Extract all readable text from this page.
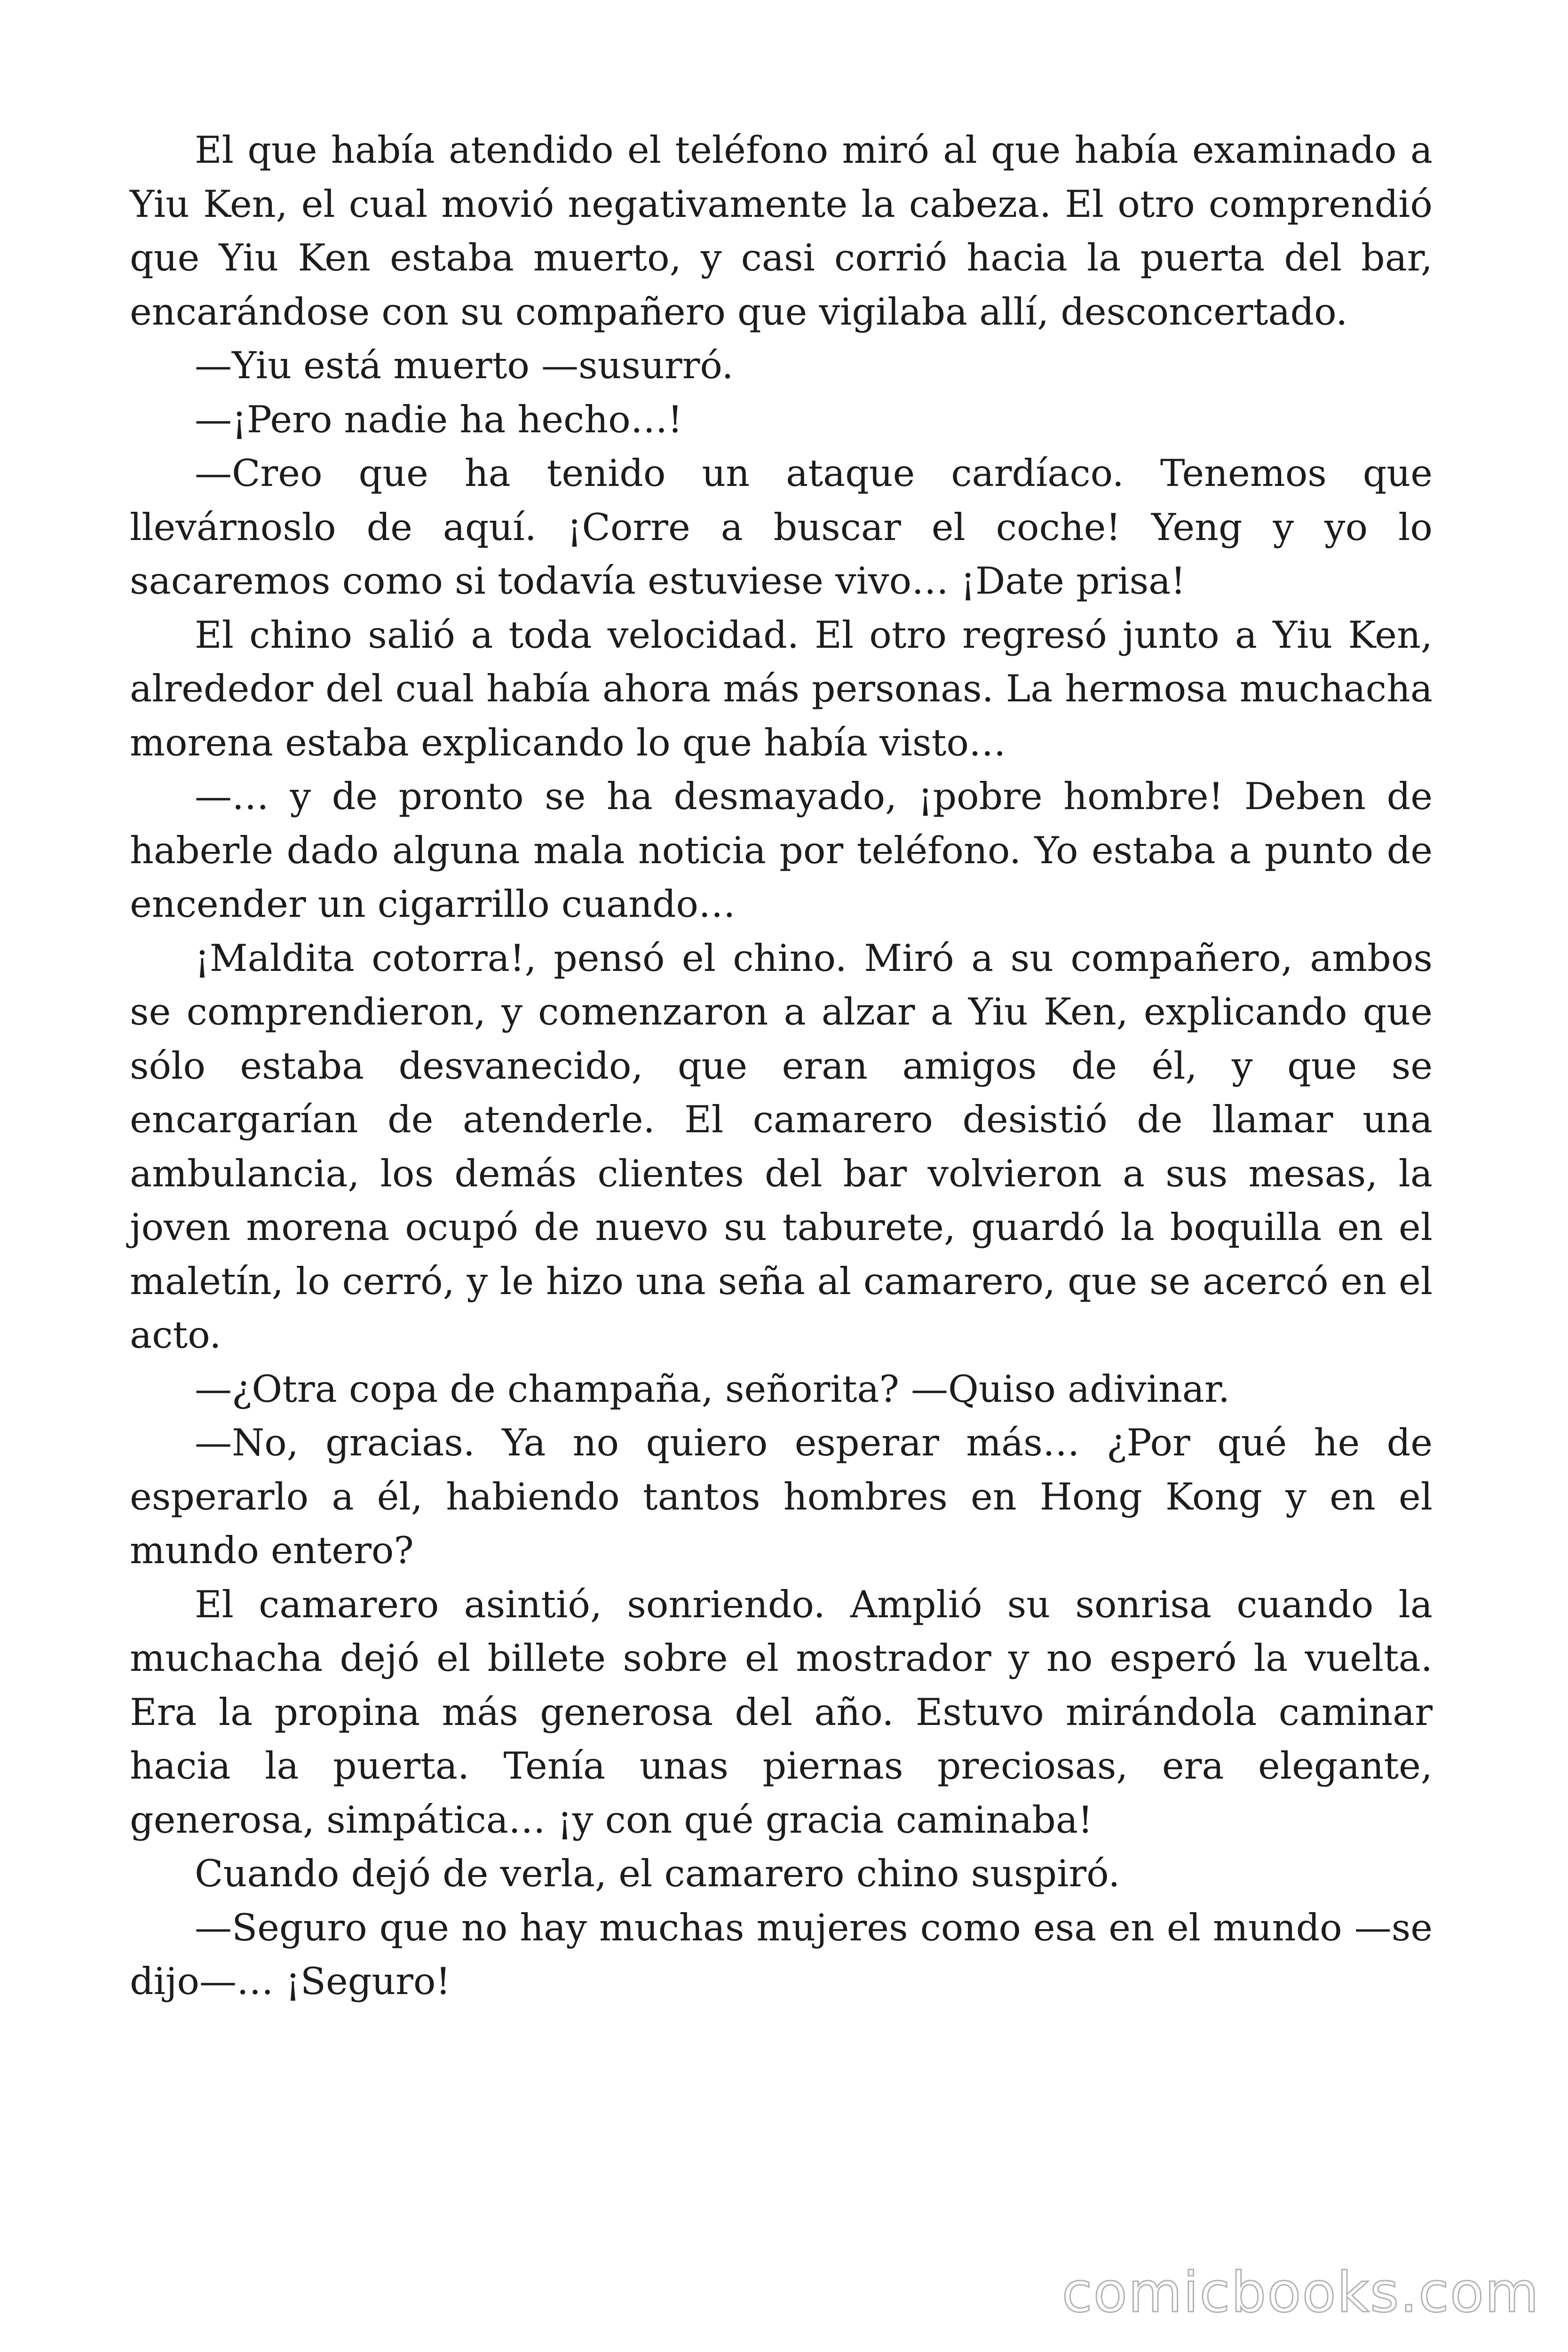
El que había atendido el teléfono miró al que había examinado a Yiu Ken, el cual movió negativamente la cabeza. El otro comprendió que Yiu Ken estaba muerto, y casi corrió hacia la puerta del bar, encarándose con su compañero que vigilaba allí, desconcertado.

—Yiu está muerto —susurró.

—¡Pero nadie ha hecho…!

—Creo que ha tenido un ataque cardíaco. Tenemos que llevárnoslo de aquí. ¡Corre a buscar el coche! Yeng y yo lo sacaremos como si todavía estuviese vivo… ¡Date prisa!

El chino salió a toda velocidad. El otro regresó junto a Yiu Ken, alrededor del cual había ahora más personas. La hermosa muchacha morena estaba explicando lo que había visto…

—… y de pronto se ha desmayado, ¡pobre hombre! Deben de haberle dado alguna mala noticia por teléfono. Yo estaba a punto de encender un cigarrillo cuando…

¡Maldita cotorra!, pensó el chino. Miró a su compañero, ambos se comprendieron, y comenzaron a alzar a Yiu Ken, explicando que sólo estaba desvanecido, que eran amigos de él, y que se encargarían de atenderle. El camarero desistió de llamar una ambulancia, los demás clientes del bar volvieron a sus mesas, la joven morena ocupó de nuevo su taburete, guardó la boquilla en el maletín, lo cerró, y le hizo una seña al camarero, que se acercó en el acto.

—¿Otra copa de champaña, señorita? —Quiso adivinar.

—No, gracias. Ya no quiero esperar más… ¿Por qué he de esperarlo a él, habiendo tantos hombres en Hong Kong y en el mundo entero?

El camarero asintió, sonriendo. Amplió su sonrisa cuando la muchacha dejó el billete sobre el mostrador y no esperó la vuelta. Era la propina más generosa del año. Estuvo mirándola caminar hacia la puerta. Tenía unas piernas preciosas, era elegante, generosa, simpática… ¡y con qué gracia caminaba!

Cuando dejó de verla, el camarero chino suspiró.

—Seguro que no hay muchas mujeres como esa en el mundo —se dijo—… ¡Seguro!

comicbooks.com
